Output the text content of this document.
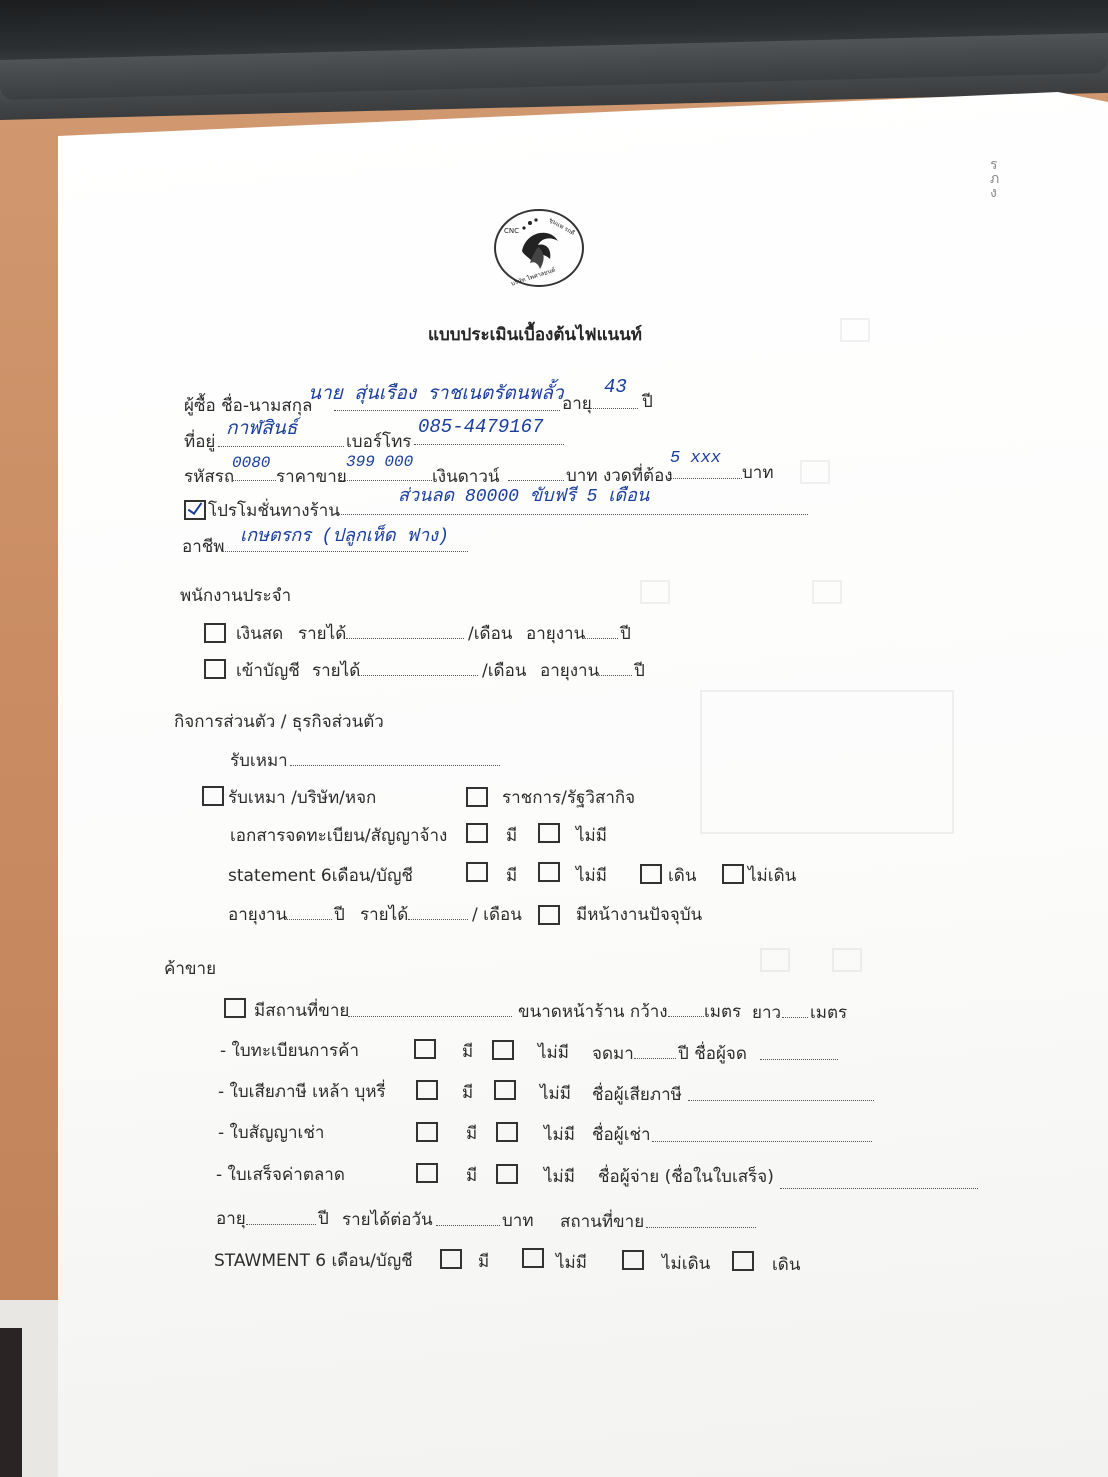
ร
ภ
ง
CNC	ชุมแพ รถดี
บริษัท ไพศาลยนต์
แบบประเมินเบื้องต้นไฟแนนท์
ผู้ซื้อ ชื่อ-นามสกุล
นาย สุ่นเรือง ราชเนตรัตนพลั้ว
อายุ
43
ปี
ที่อยู่
กาฬสินธ์
เบอร์โทร
085-4479167
รหัสรถ
0080
ราคาขาย
399 000
เงินดาวน์	บาท งวดที่ต้อง
5 xxx
บาท
โปรโมชั่นทางร้าน
ส่วนลด 80000 ขับฟรี 5 เดือน
อาชีพ เกษตรกร (ปลูกเห็ด ฟาง)
พนักงานประจำ
เงินสด รายได้	/เดือน อายุงาน ปี
เข้าบัญชี รายได้	/เดือน อายุงาน ปี
กิจการส่วนตัว / ธุรกิจส่วนตัว
รับเหมา
รับเหมา /บริษัท/หจก	ราชการ/รัฐวิสากิจ
เอกสารจดทะเบียน/สัญญาจ้าง	มี	ไม่มี
statement 6เดือน/บัญชี	มี	ไม่มี	เดิน	ไม่เดิน
อายุงาน	ปี รายได้	/ เดือน	มีหน้างานปัจจุบัน
ค้าขาย
มีสถานที่ขาย	ขนาดหน้าร้าน กว้าง เมตร ยาว เมตร
- ใบทะเบียนการค้า	มี	ไม่มี จดมา	ปี ชื่อผู้จด
- ใบเสียภาษี เหล้า บุหรี่	มี	ไม่มี ชื่อผู้เสียภาษี
- ใบสัญญาเช่า	มี	ไม่มี ชื่อผู้เช่า
- ใบเสร็จค่าตลาด	มี	ไม่มี ชื่อผู้จ่าย (ชื่อในใบเสร็จ)
อายุ	ปี รายได้ต่อวัน	บาท สถานที่ขาย
STAWMENT 6 เดือน/บัญชี	มี	ไม่มี	ไม่เดิน	เดิน
